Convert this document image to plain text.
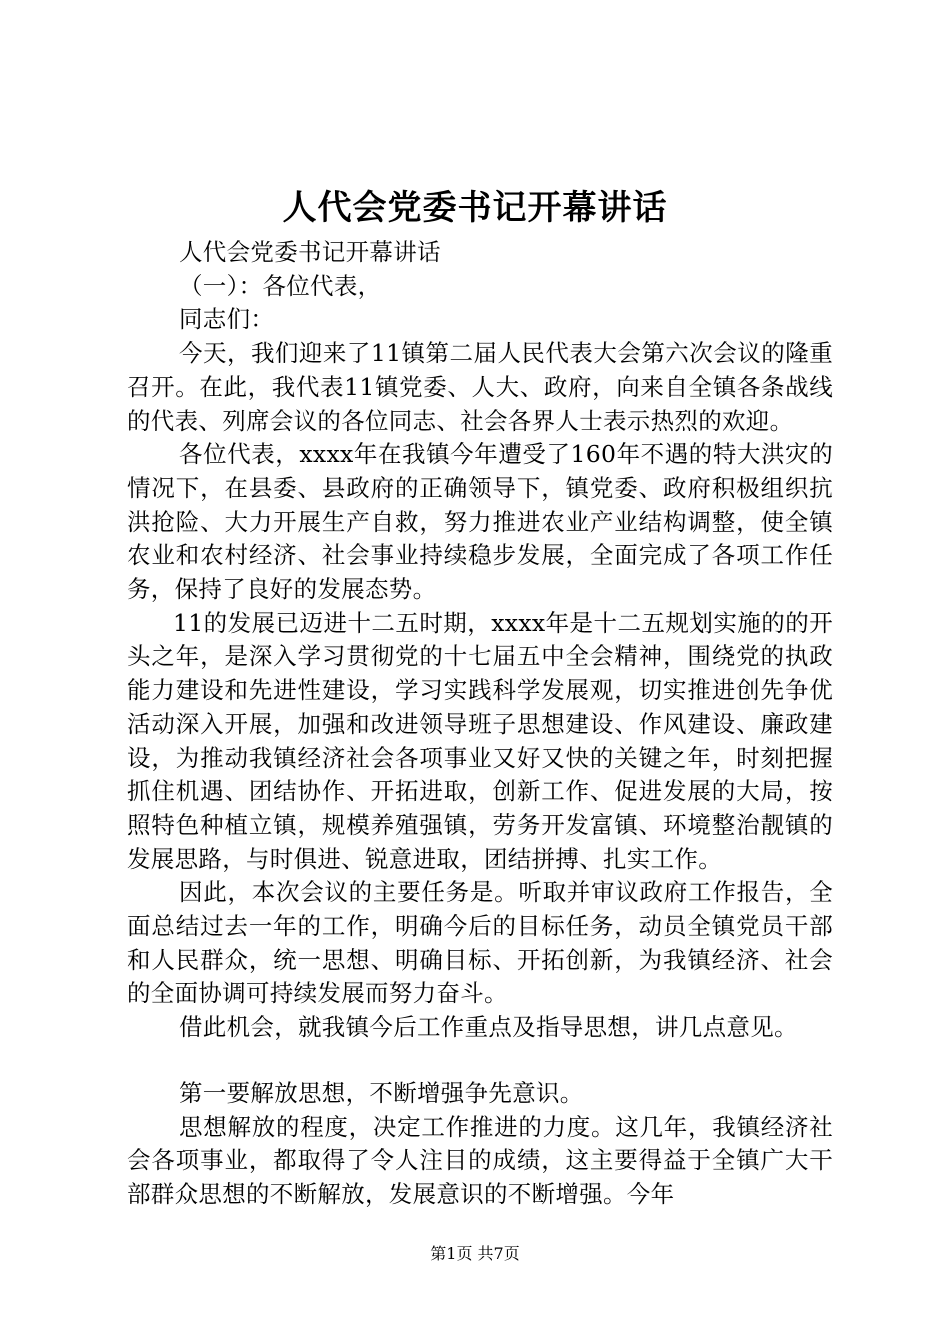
人代会党委书记开幕讲话

人代会党委书记开幕讲话

（一）：各位代表，

同志们：

今天，我们迎来了11镇第二届人民代表大会第六次会议的隆重召开。在此，我代表11镇党委、人大、政府，向来自全镇各条战线的代表、列席会议的各位同志、社会各界人士表示热烈的欢迎。

各位代表，xxxx年在我镇今年遭受了160年不遇的特大洪灾的情况下，在县委、县政府的正确领导下，镇党委、政府积极组织抗洪抢险、大力开展生产自救，努力推进农业产业结构调整，使全镇农业和农村经济、社会事业持续稳步发展，全面完成了各项工作任务，保持了良好的发展态势。

11的发展已迈进十二五时期，xxxx年是十二五规划实施的的开头之年，是深入学习贯彻党的十七届五中全会精神，围绕党的执政能力建设和先进性建设，学习实践科学发展观，切实推进创先争优活动深入开展，加强和改进领导班子思想建设、作风建设、廉政建设，为推动我镇经济社会各项事业又好又快的关键之年，时刻把握抓住机遇、团结协作、开拓进取，创新工作、促进发展的大局，按照特色种植立镇，规模养殖强镇，劳务开发富镇、环境整治靓镇的发展思路，与时俱进、锐意进取，团结拼搏、扎实工作。

因此，本次会议的主要任务是。听取并审议政府工作报告，全面总结过去一年的工作，明确今后的目标任务，动员全镇党员干部和人民群众，统一思想、明确目标、开拓创新，为我镇经济、社会的全面协调可持续发展而努力奋斗。

借此机会，就我镇今后工作重点及指导思想，讲几点意见。

第一要解放思想，不断增强争先意识。

思想解放的程度，决定工作推进的力度。这几年，我镇经济社会各项事业，都取得了令人注目的成绩，这主要得益于全镇广大干部群众思想的不断解放，发展意识的不断增强。今年

第1页 共7页
